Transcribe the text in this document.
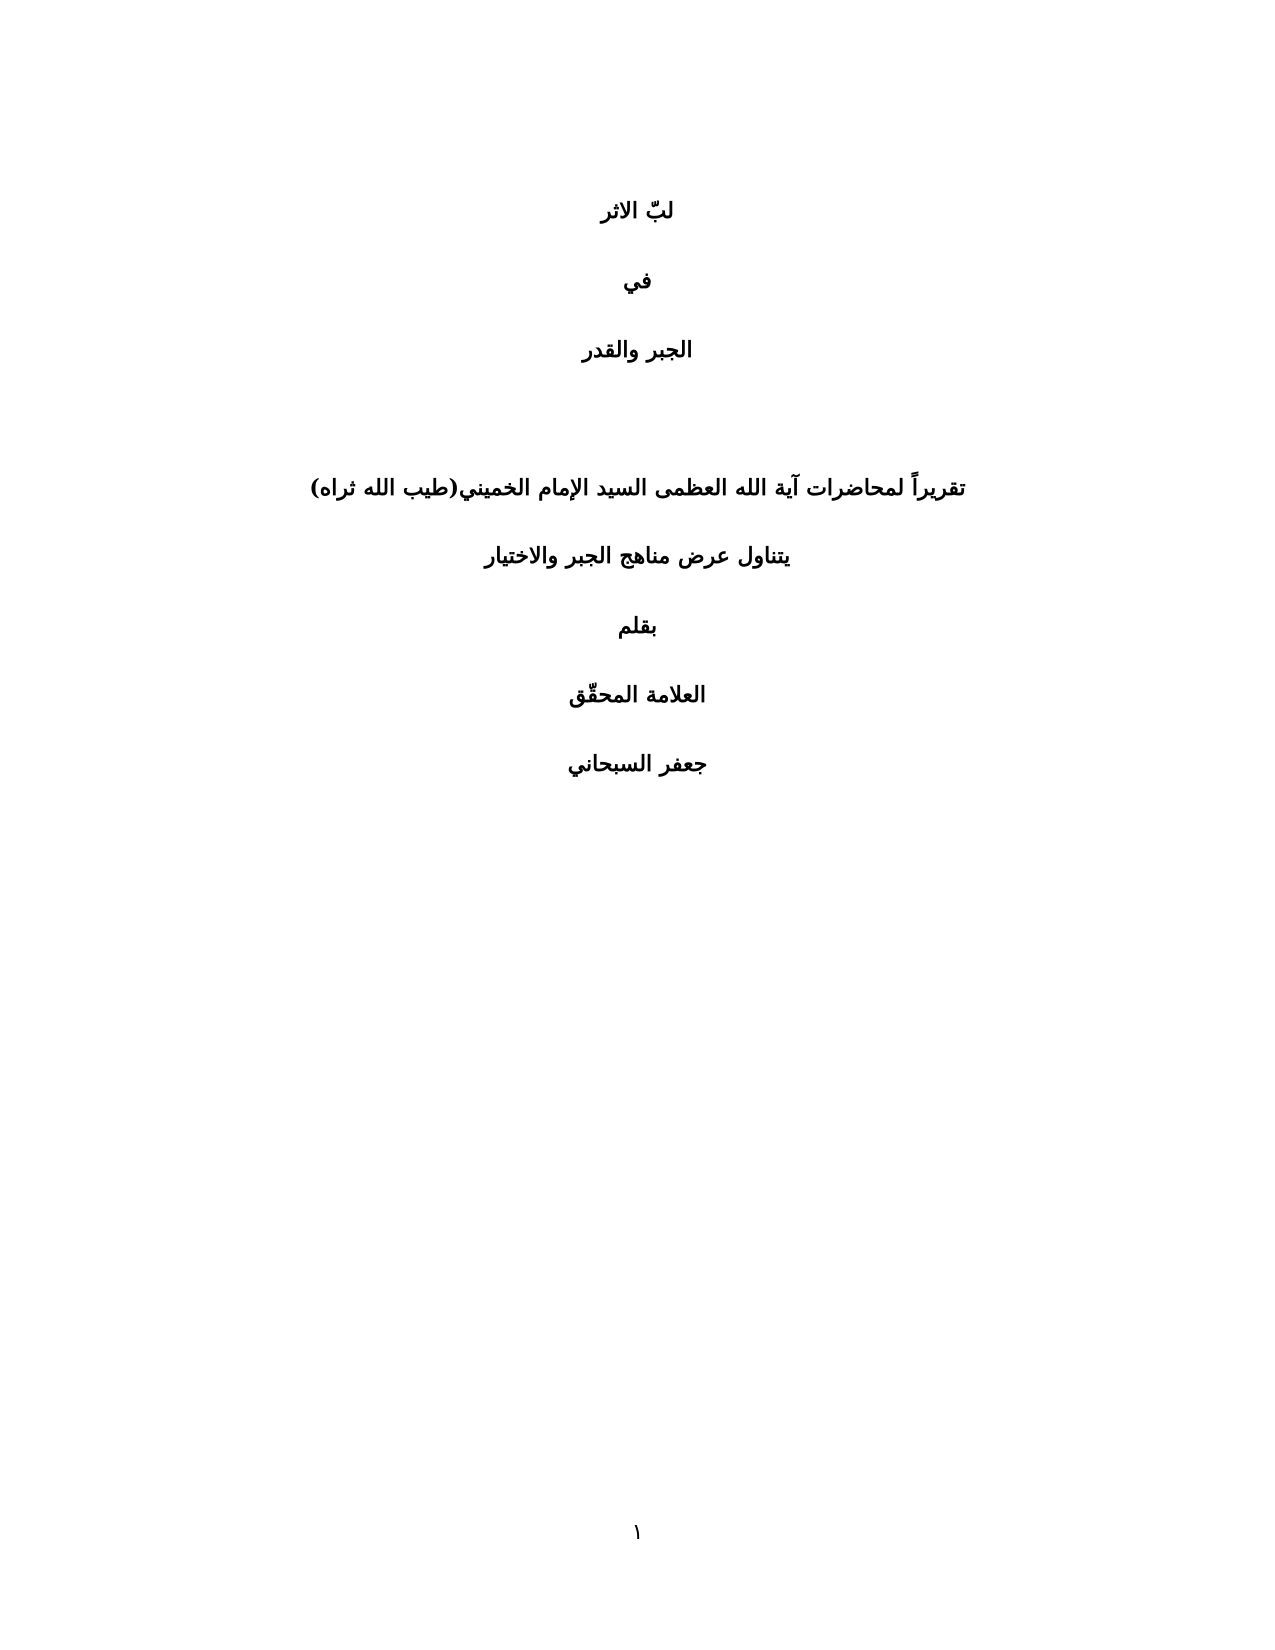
لبّ الاثر
في
الجبر والقدر
تقريراً لمحاضرات آية الله العظمى السيد الإمام الخميني(طيب الله ثراه)
يتناول عرض مناهج الجبر والاختيار
بقلم
العلامة المحقّق
جعفر السبحاني
١
